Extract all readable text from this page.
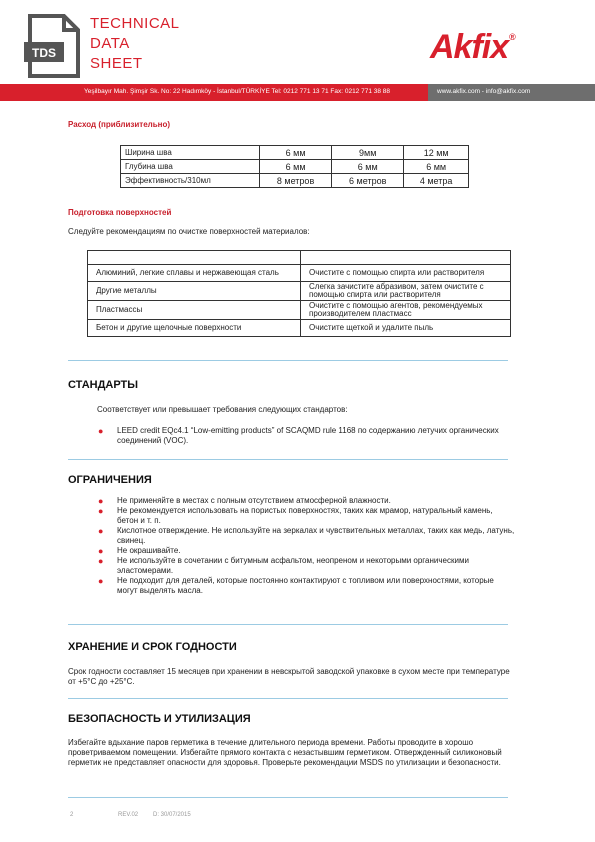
TDS
TECHNICAL
DATA
SHEET	Akfix®
Yeşilbayır Mah. Şimşir Sk. No: 22 Hadımköy - İstanbul/TÜRKİYE Tel: 0212 771 13 71 Fax: 0212 771 38 88	www.akfix.com - info@akfix.com
Расход (приблизительно)
Ширина шва	6 мм	9мм	12 мм
Глубина шва	6 мм	6 мм	6 мм
Эффективность/310мл	8 метров	6 метров	4 метра
Подготовка поверхностей
Следуйте рекомендациям по очистке поверхностей материалов:

Алюминий, легкие сплавы и нержавеющая сталь	Очистите с помощью спирта или растворителя
Другие металлы	Слегка зачистите абразивом, затем очистите с помощью спирта или растворителя
Пластмассы	Очистите с помощью агентов, рекомендуемых производителем пластмасс
Бетон и другие щелочные поверхности	Очистите щеткой и удалите пыль
СТАНДАРТЫ
Соответствует или превышает требования следующих стандартов:
● LEED credit EQc4.1 “Low-emitting products” of SCAQMD rule 1168 по содержанию летучих органических соединений (VOC).
ОГРАНИЧЕНИЯ
● Не применяйте в местах с полным отсутствием атмосферной влажности.
● Не рекомендуется использовать на пористых поверхностях, таких как мрамор, натуральный камень, бетон и т. п.
● Кислотное отверждение. Не используйте на зеркалах и чувствительных металлах, таких как медь, латунь, свинец.
● Не окрашивайте.
● Не используйте в сочетании с битумным асфальтом, неопреном и некоторыми органическими эластомерами.
● Не подходит для деталей, которые постоянно контактируют с топливом или поверхностями, которые могут выделять масла.
ХРАНЕНИЕ И СРОК ГОДНОСТИ
Срок годности составляет 15 месяцев при хранении в невскрытой заводской упаковке в сухом месте при температуре от +5°C до +25°C.
БЕЗОПАСНОСТЬ И УТИЛИЗАЦИЯ
Избегайте вдыхание паров герметика в течение длительного периода времени. Работы проводите в хорошо проветриваемом помещении. Избегайте прямого контакта с незастывшим герметиком. Отвержденный силиконовый герметик не представляет опасности для здоровья. Проверьте рекомендации MSDS по утилизации и безопасности.
2	REV.02 D: 30/07/2015
